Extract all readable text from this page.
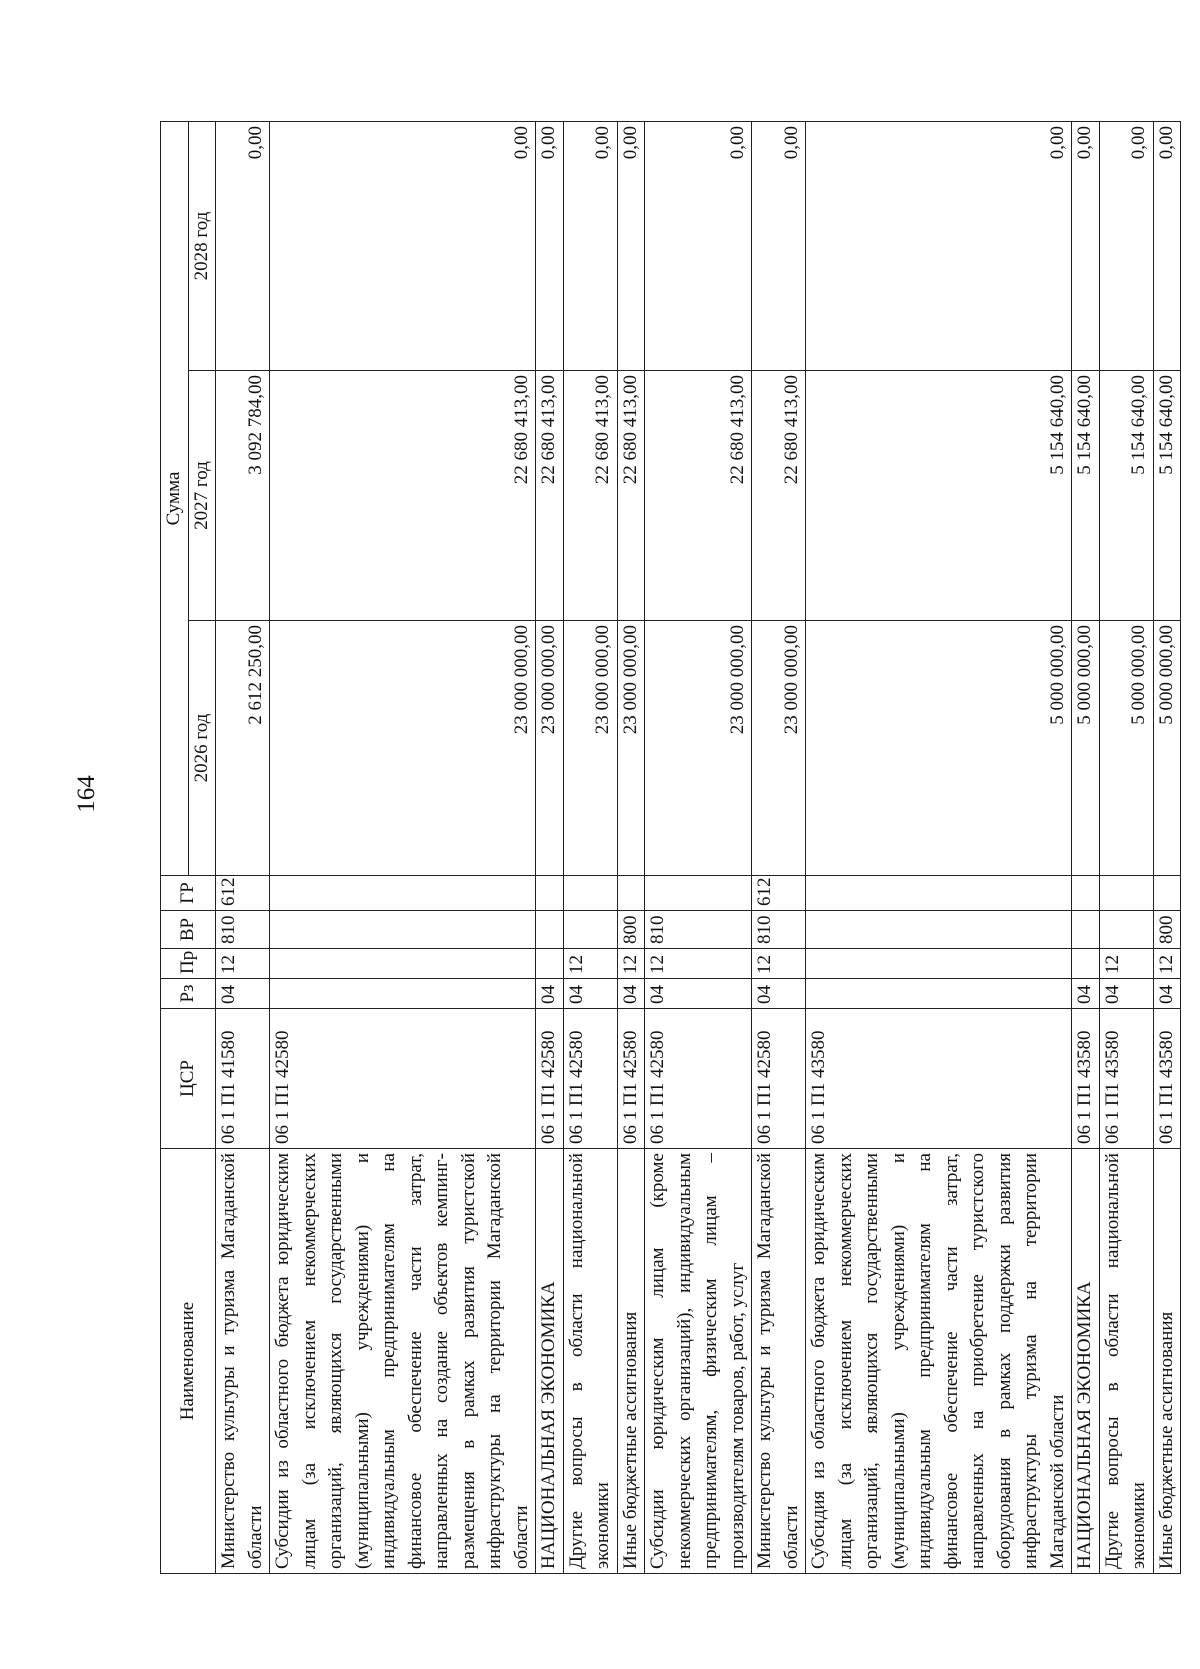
164
Наименование	ЦСР	Рз	Пр	ВР	ГР	Сумма		
						2026 год	2027 год	2028 год
Министерство культуры и туризма Магаданской области	06 1 П1 41580	04	12	810	612	2 612 250,00	3 092 784,00	0,00
Субсидии из областного бюджета юридическим лицам (за исключением некоммерческих организаций, являющихся государственными (муниципальными) учреждениями) и индивидуальным предпринимателям на финансовое обеспечение части затрат, направленных на создание объектов кемпинг-размещения в рамках развития туристской инфраструктуры на территории Магаданской области	06 1 П1 42580					23 000 000,00	22 680 413,00	0,00
НАЦИОНАЛЬНАЯ ЭКОНОМИКА	06 1 П1 42580	04				23 000 000,00	22 680 413,00	0,00
Другие вопросы в области национальной экономики	06 1 П1 42580	04	12			23 000 000,00	22 680 413,00	0,00
Иные бюджетные ассигнования	06 1 П1 42580	04	12	800		23 000 000,00	22 680 413,00	0,00
Субсидии юридическим лицам (кроме некоммерческих организаций), индивидуальным предпринимателям, физическим лицам – производителям товаров, работ, услуг	06 1 П1 42580	04	12	810		23 000 000,00	22 680 413,00	0,00
Министерство культуры и туризма Магаданской области	06 1 П1 42580	04	12	810	612	23 000 000,00	22 680 413,00	0,00
Субсидия из областного бюджета юридическим лицам (за исключением некоммерческих организаций, являющихся государственными (муниципальными) учреждениями) и индивидуальным предпринимателям на финансовое обеспечение части затрат, направленных на приобретение туристского оборудования в рамках поддержки развития инфраструктуры туризма на территории Магаданской области	06 1 П1 43580					5 000 000,00	5 154 640,00	0,00
НАЦИОНАЛЬНАЯ ЭКОНОМИКА	06 1 П1 43580	04				5 000 000,00	5 154 640,00	0,00
Другие вопросы в области национальной экономики	06 1 П1 43580	04	12			5 000 000,00	5 154 640,00	0,00
Иные бюджетные ассигнования	06 1 П1 43580	04	12	800		5 000 000,00	5 154 640,00	0,00
